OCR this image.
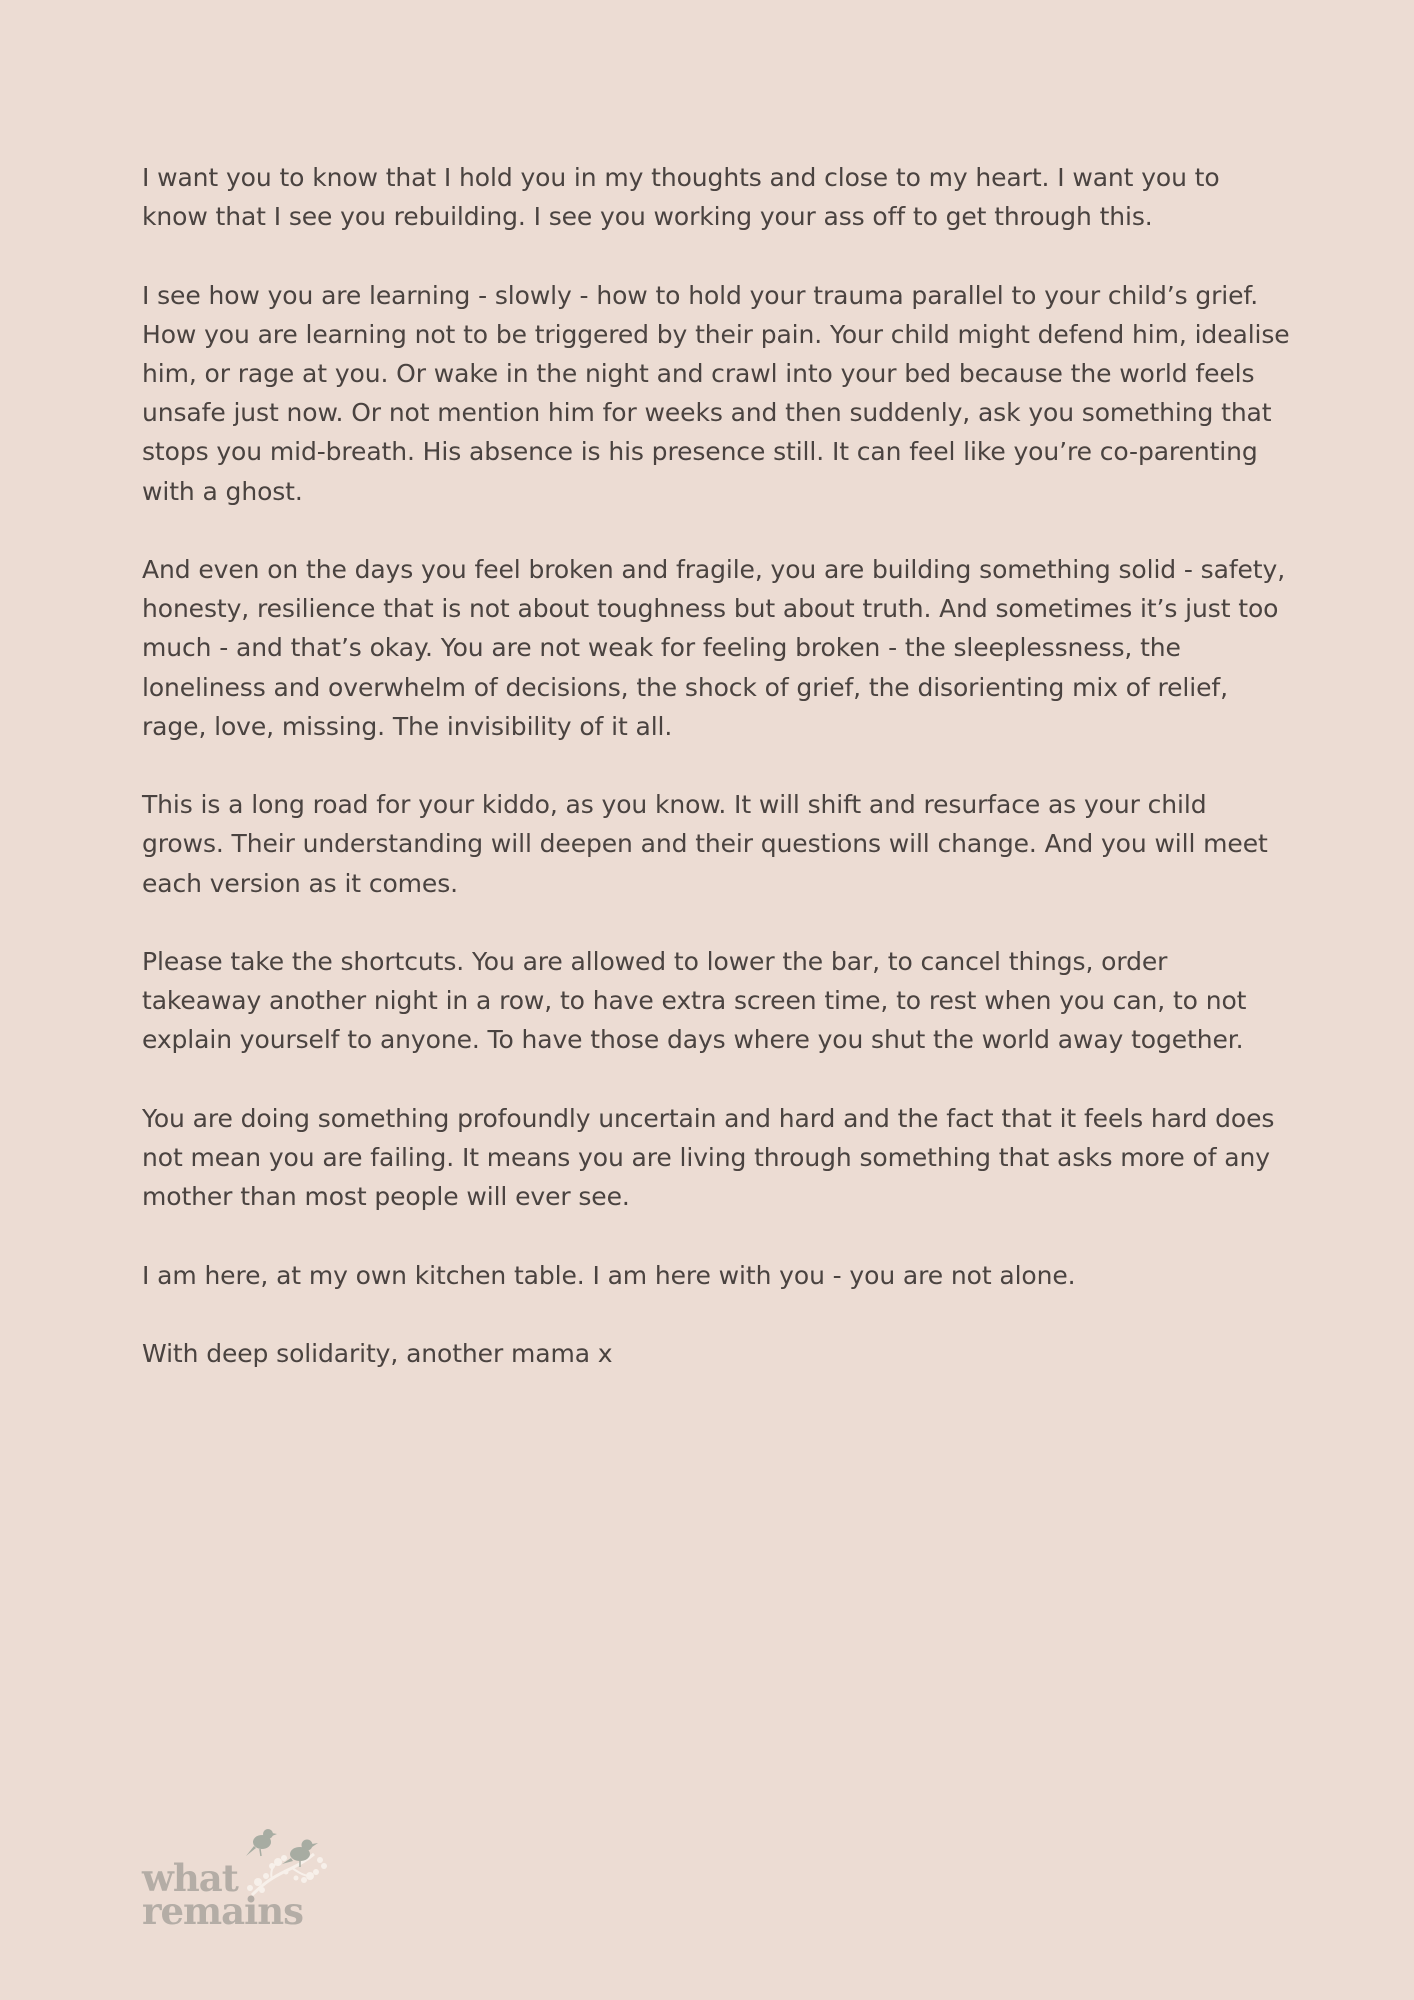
I want you to know that I hold you in my thoughts and close to my heart. I want you to know that I see you rebuilding. I see you working your ass off to get through this.

I see how you are learning - slowly - how to hold your trauma parallel to your child’s grief. How you are learning not to be triggered by their pain. Your child might defend him, idealise him, or rage at you. Or wake in the night and crawl into your bed because the world feels unsafe just now. Or not mention him for weeks and then suddenly, ask you something that stops you mid-breath. His absence is his presence still. It can feel like you’re co-parenting with a ghost.

And even on the days you feel broken and fragile, you are building something solid - safety, honesty, resilience that is not about toughness but about truth. And sometimes it’s just too much - and that’s okay. You are not weak for feeling broken - the sleeplessness, the loneliness and overwhelm of decisions, the shock of grief, the disorienting mix of relief, rage, love, missing. The invisibility of it all.

This is a long road for your kiddo, as you know. It will shift and resurface as your child grows. Their understanding will deepen and their questions will change. And you will meet each version as it comes.

Please take the shortcuts. You are allowed to lower the bar, to cancel things, order takeaway another night in a row, to have extra screen time, to rest when you can, to not explain yourself to anyone. To have those days where you shut the world away together.

You are doing something profoundly uncertain and hard and the fact that it feels hard does not mean you are failing. It means you are living through something that asks more of any mother than most people will ever see.

I am here, at my own kitchen table. I am here with you - you are not alone.

With deep solidarity, another mama x

what
remains
